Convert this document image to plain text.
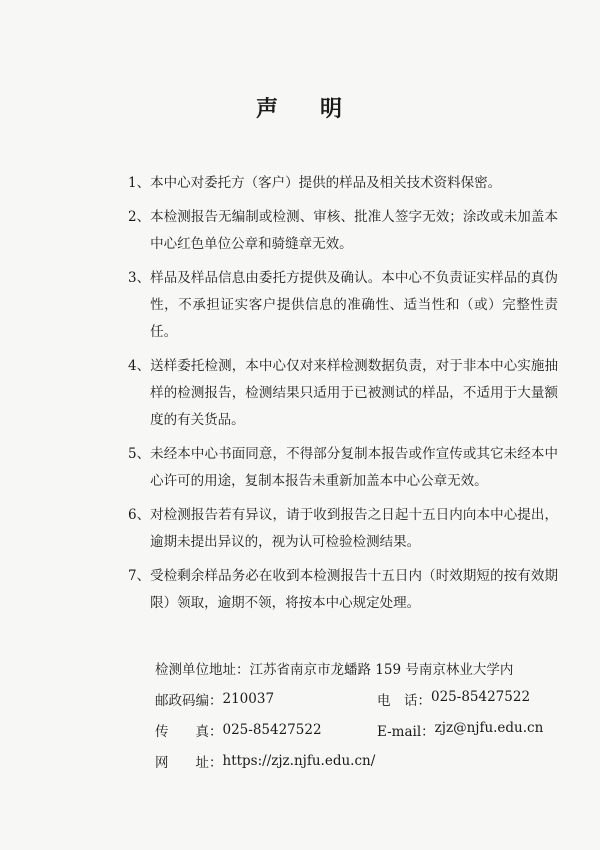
声 明
1、 本中心对委托方（客户）提供的样品及相关技术资料保密。
2、 本检测报告无编制或检测、审核、批准人签字无效；涂改或未加盖本中心红色单位公章和骑缝章无效。
3、 样品及样品信息由委托方提供及确认。本中心不负责证实样品的真伪性，不承担证实客户提供信息的准确性、适当性和（或）完整性责任。
4、 送样委托检测，本中心仅对来样检测数据负责，对于非本中心实施抽样的检测报告，检测结果只适用于已被测试的样品，不适用于大量额度的有关货品。
5、 未经本中心书面同意，不得部分复制本报告或作宣传或其它未经本中心许可的用途，复制本报告未重新加盖本中心公章无效。
6、 对检测报告若有异议，请于收到报告之日起十五日内向本中心提出，逾期未提出异议的，视为认可检验检测结果。
7、 受检剩余样品务必在收到本检测报告十五日内（时效期短的按有效期限）领取，逾期不领，将按本中心规定处理。
检测单位地址： 江苏省南京市龙蟠路 159 号南京林业大学内
邮政码编： 210037	电　话： 025-85427522
传　　真： 025-85427522	E-mail： zjz@njfu.edu.cn
网　　址： https://zjz.njfu.edu.cn/
